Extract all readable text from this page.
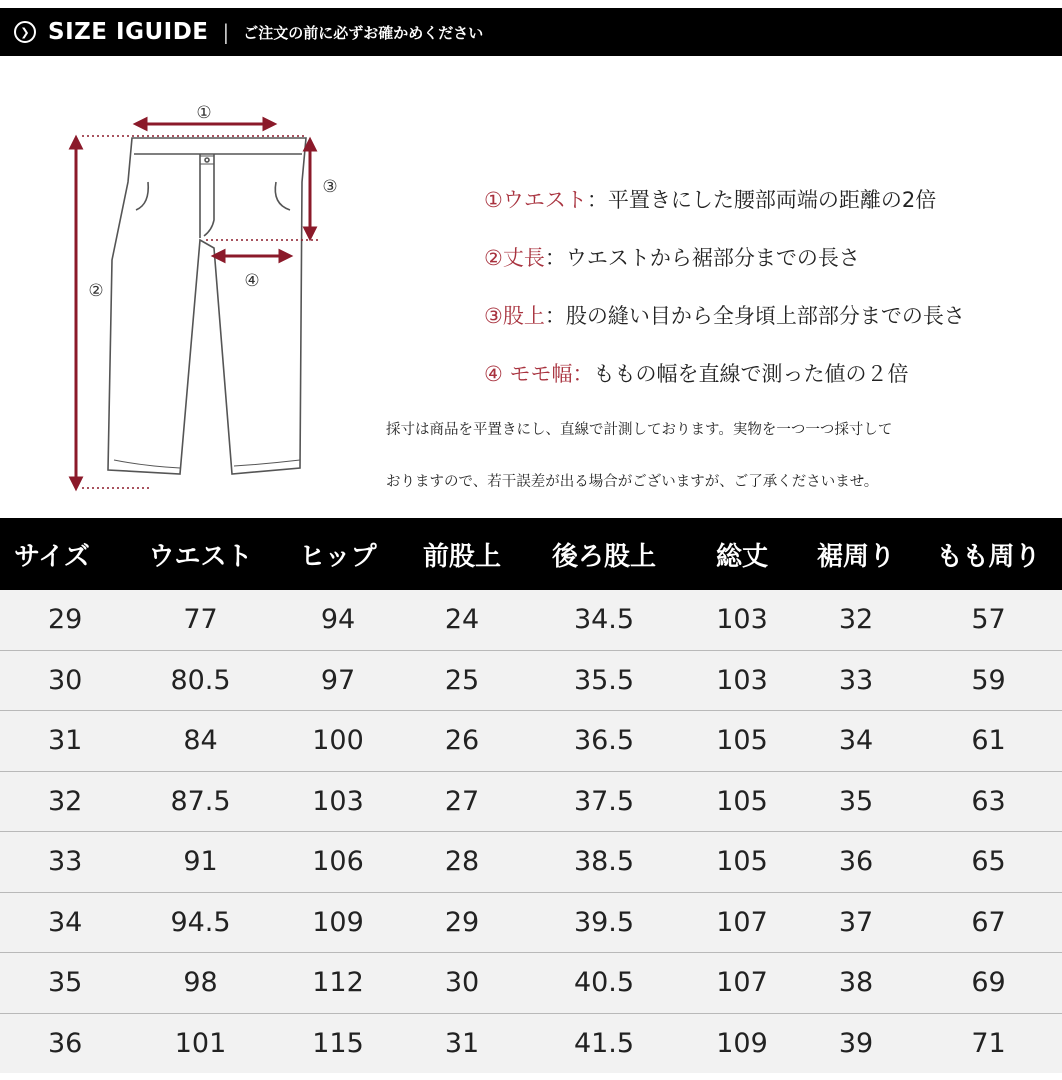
❯ SIZE IGUIDE | ご注文の前に必ずお確かめください
①
②
③
④
①ウエスト ：平置きにした腰部両端の距離の2倍
②丈長 ：ウエストから裾部分までの長さ
③股上 ：股の縫い目から全身頃上部部分までの長さ
④ モモ幅： ももの幅を直線で測った値の２倍
採寸は商品を平置きにし、直線で計測しております。実物を一つ一つ採寸して
おりますので、若干誤差が出る場合がございますが、ご了承くださいませ。
サイズ	ウエスト	ヒップ	前股上	後ろ股上	総丈	裾周り	もも周り
29	77	94	24	34.5	103	32	57
30	80.5	97	25	35.5	103	33	59
31	84	100	26	36.5	105	34	61
32	87.5	103	27	37.5	105	35	63
33	91	106	28	38.5	105	36	65
34	94.5	109	29	39.5	107	37	67
35	98	112	30	40.5	107	38	69
36	101	115	31	41.5	109	39	71
